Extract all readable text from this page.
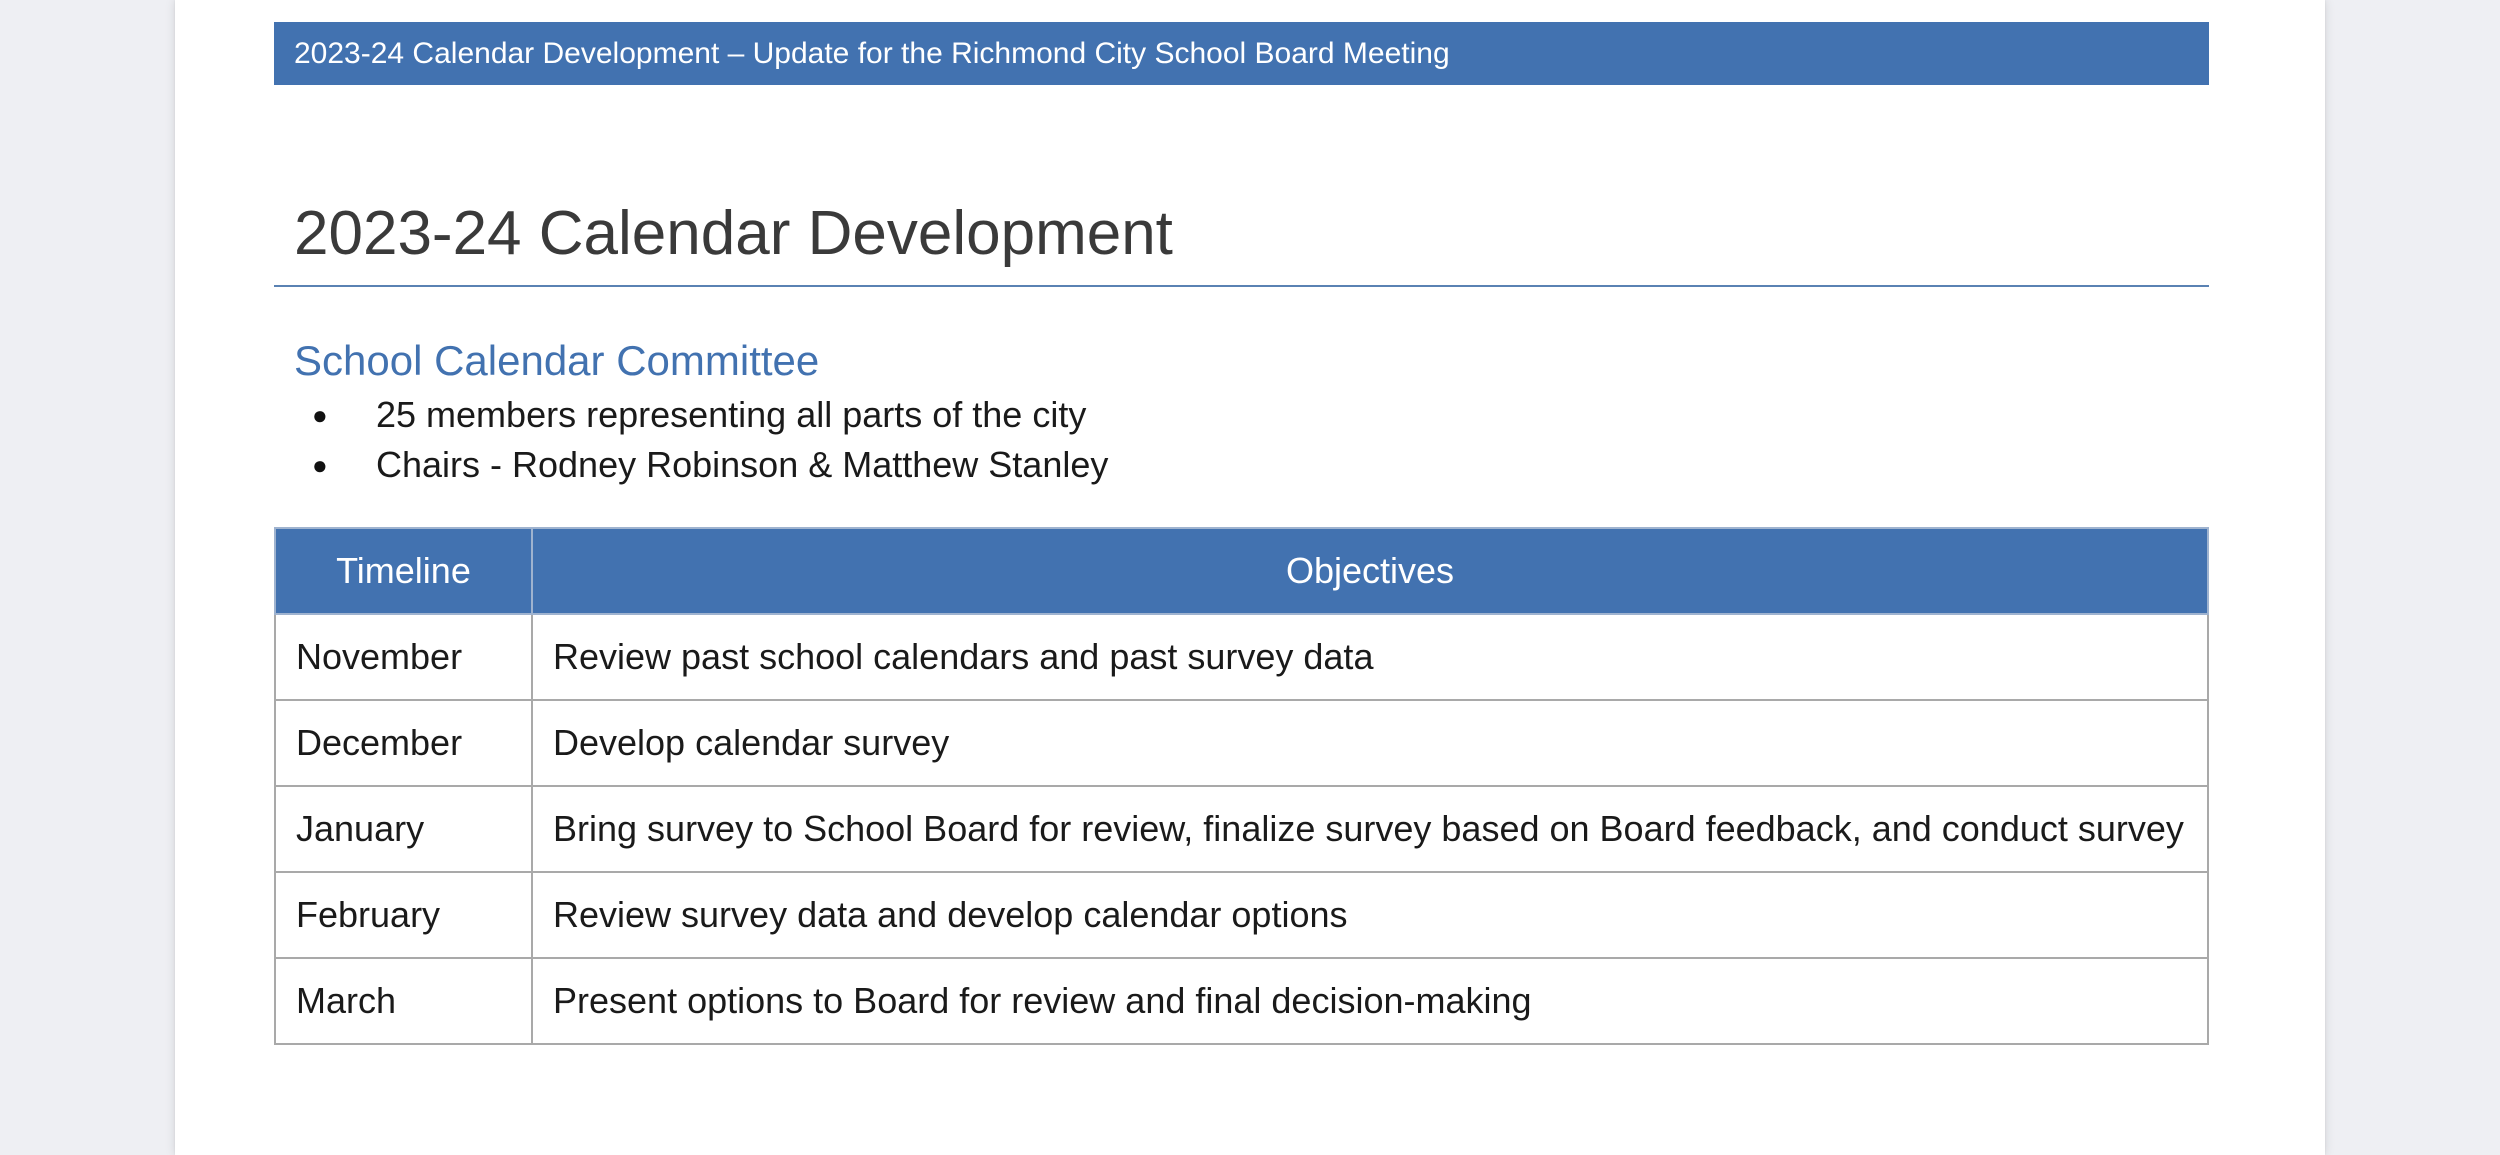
2023-24 Calendar Development – Update for the Richmond City School Board Meeting
2023-24 Calendar Development
School Calendar Committee
● 25 members representing all parts of the city
● Chairs - Rodney Robinson & Matthew Stanley
Timeline	Objectives
November	Review past school calendars and past survey data
December	Develop calendar survey
January	Bring survey to School Board for review, finalize survey based on Board feedback, and conduct survey
February	Review survey data and develop calendar options
March	Present options to Board for review and final decision-making
